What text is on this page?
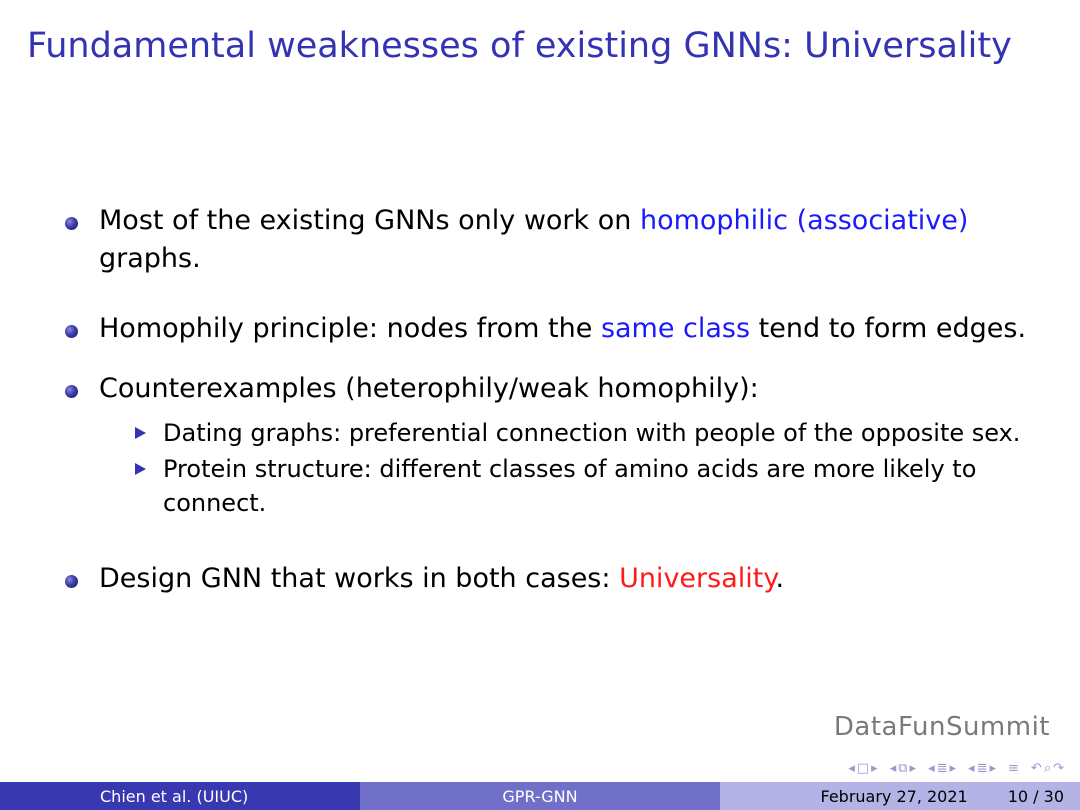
Fundamental weaknesses of existing GNNs: Universality
Most of the existing GNNs only work on homophilic (associative)
graphs.
Homophily principle: nodes from the same class tend to form edges.
Counterexamples (heterophily/weak homophily):
Dating graphs: preferential connection with people of the opposite sex.
Protein structure: different classes of amino acids are more likely to connect.
Design GNN that works in both cases: Universality.
DataFunSummit
◂ □ ▸ ◂ ⧉ ▸ ◂ ≣ ▸ ◂ ≣ ▸ ≡ ↶ ⌕ ↷
Chien et al. (UIUC)	GPR-GNN	February 27, 2021	10 / 30
